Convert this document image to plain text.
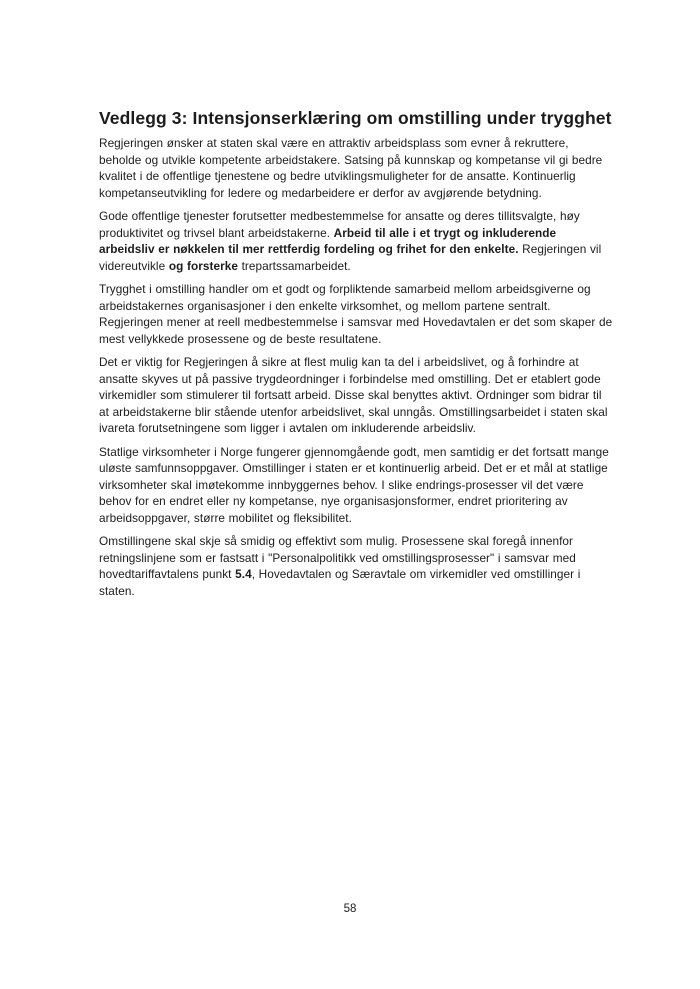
Vedlegg 3: Intensjonserklæring om omstilling under trygghet

Regjeringen ønsker at staten skal være en attraktiv arbeidsplass som evner å rekruttere, beholde og utvikle kompetente arbeidstakere. Satsing på kunnskap og kompetanse vil gi bedre kvalitet i de offentlige tjenestene og bedre utviklingsmuligheter for de ansatte. Kontinuerlig kompetanseutvikling for ledere og medarbeidere er derfor av avgjørende betydning.

Gode offentlige tjenester forutsetter medbestemmelse for ansatte og deres tillitsvalgte, høy produktivitet og trivsel blant arbeidstakerne. Arbeid til alle i et trygt og inkluderende arbeidsliv er nøkkelen til mer rettferdig fordeling og frihet for den enkelte. Regjeringen vil videreutvikle og forsterke trepartssamarbeidet.

Trygghet i omstilling handler om et godt og forpliktende samarbeid mellom arbeidsgiverne og arbeidstakernes organisasjoner i den enkelte virksomhet, og mellom partene sentralt. Regjeringen mener at reell medbestemmelse i samsvar med Hovedavtalen er det som skaper de mest vellykkede prosessene og de beste resultatene.

Det er viktig for Regjeringen å sikre at flest mulig kan ta del i arbeidslivet, og å forhindre at ansatte skyves ut på passive trygdeordninger i forbindelse med omstilling. Det er etablert gode virkemidler som stimulerer til fortsatt arbeid. Disse skal benyttes aktivt. Ordninger som bidrar til at arbeidstakerne blir stående utenfor arbeidslivet, skal unngås. Omstillingsarbeidet i staten skal ivareta forutsetningene som ligger i avtalen om inkluderende arbeidsliv.

Statlige virksomheter i Norge fungerer gjennomgående godt, men samtidig er det fortsatt mange uløste samfunnsoppgaver. Omstillinger i staten er et kontinuerlig arbeid. Det er et mål at statlige virksomheter skal imøtekomme innbyggernes behov. I slike endrings-prosesser vil det være behov for en endret eller ny kompetanse, nye organisasjonsformer, endret prioritering av arbeidsoppgaver, større mobilitet og fleksibilitet.

Omstillingene skal skje så smidig og effektivt som mulig. Prosessene skal foregå innenfor retningslinjene som er fastsatt i "Personalpolitikk ved omstillingsprosesser" i samsvar med hovedtariffavtalens punkt 5.4, Hovedavtalen og Særavtale om virkemidler ved omstillinger i staten.

58
